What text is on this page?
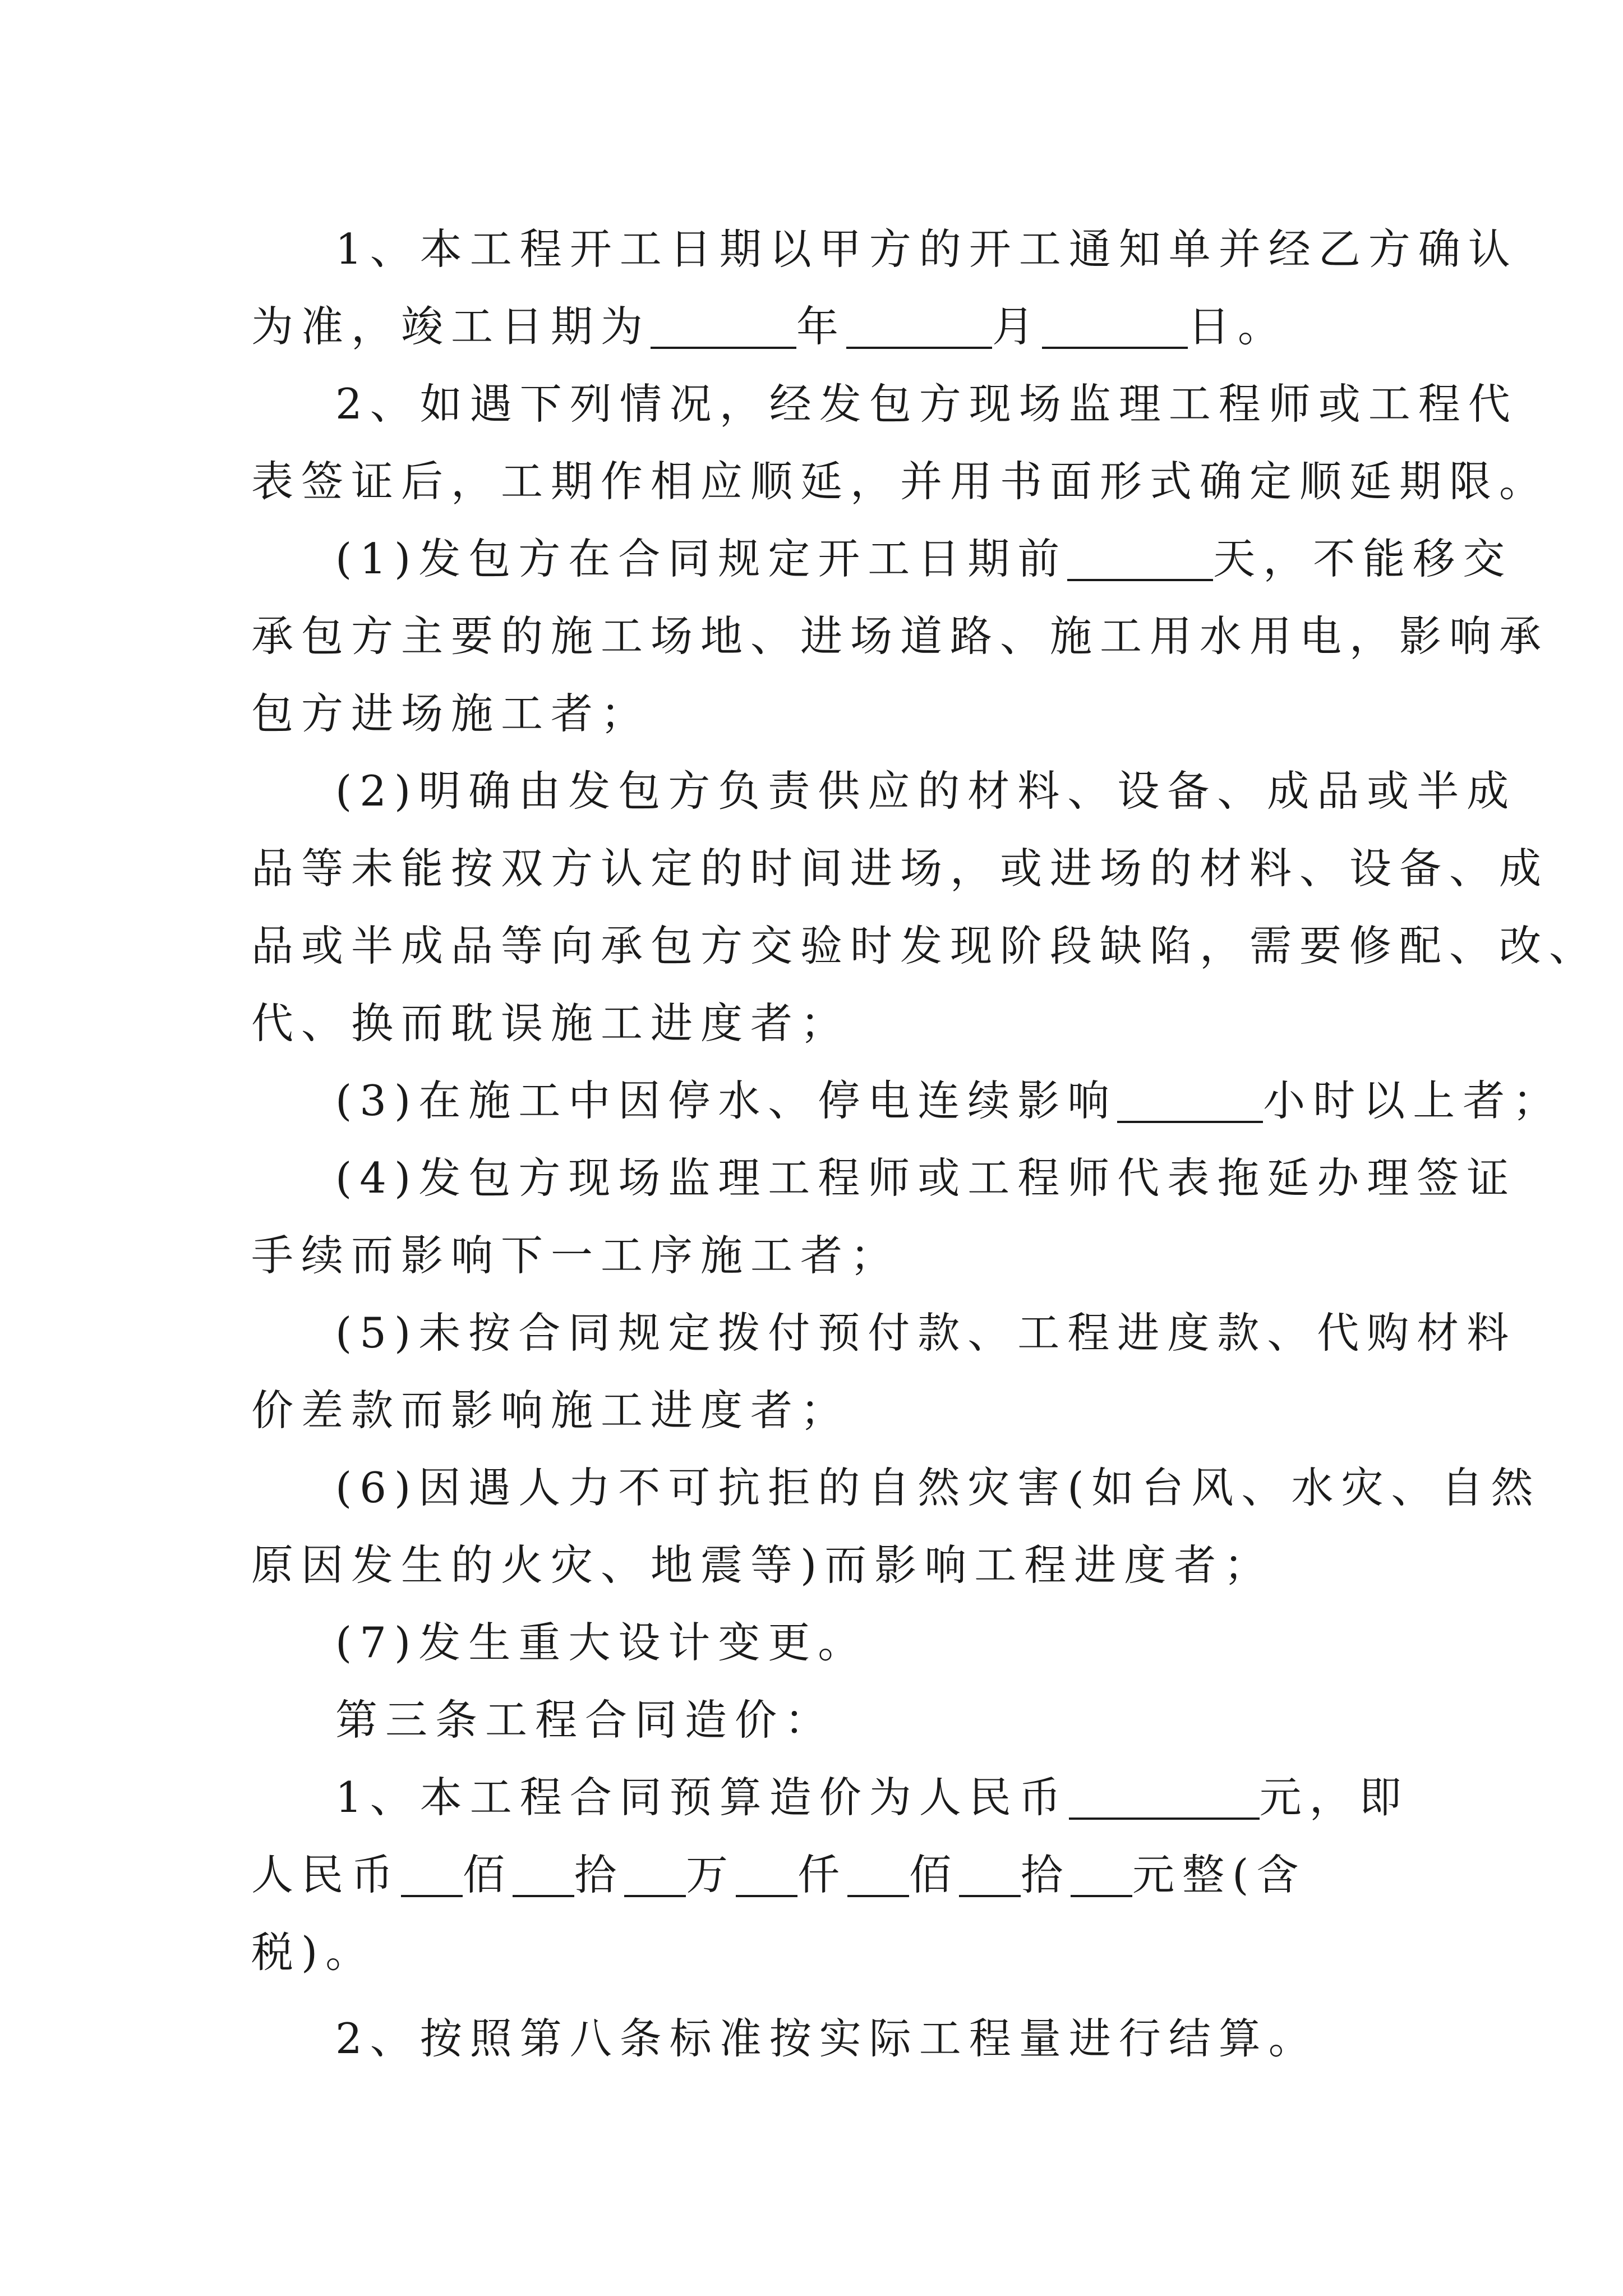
1、本工程开工日期以甲方的开工通知单并经乙方确认
为准，竣工日期为	年	月	日。
2、如遇下列情况，经发包方现场监理工程师或工程代
表签证后，工期作相应顺延，并用书面形式确定顺延期限。
(1)发包方在合同规定开工日期前	天，不能移交
承包方主要的施工场地、进场道路、施工用水用电，影响承
包方进场施工者；
(2)明确由发包方负责供应的材料、设备、成品或半成
品等未能按双方认定的时间进场，或进场的材料、设备、成
品或半成品等向承包方交验时发现阶段缺陷，需要修配、改、
代、换而耽误施工进度者；
(3)在施工中因停水、停电连续影响	小时以上者；
(4)发包方现场监理工程师或工程师代表拖延办理签证
手续而影响下一工序施工者；
(5)未按合同规定拨付预付款、工程进度款、代购材料
价差款而影响施工进度者；
(6)因遇人力不可抗拒的自然灾害(如台风、水灾、自然
原因发生的火灾、地震等)而影响工程进度者；
(7)发生重大设计变更。
第三条工程合同造价：
1、本工程合同预算造价为人民币	元，即
人民币 佰 拾 万 仟 佰 拾 元整(含
税)。
2、按照第八条标准按实际工程量进行结算。
